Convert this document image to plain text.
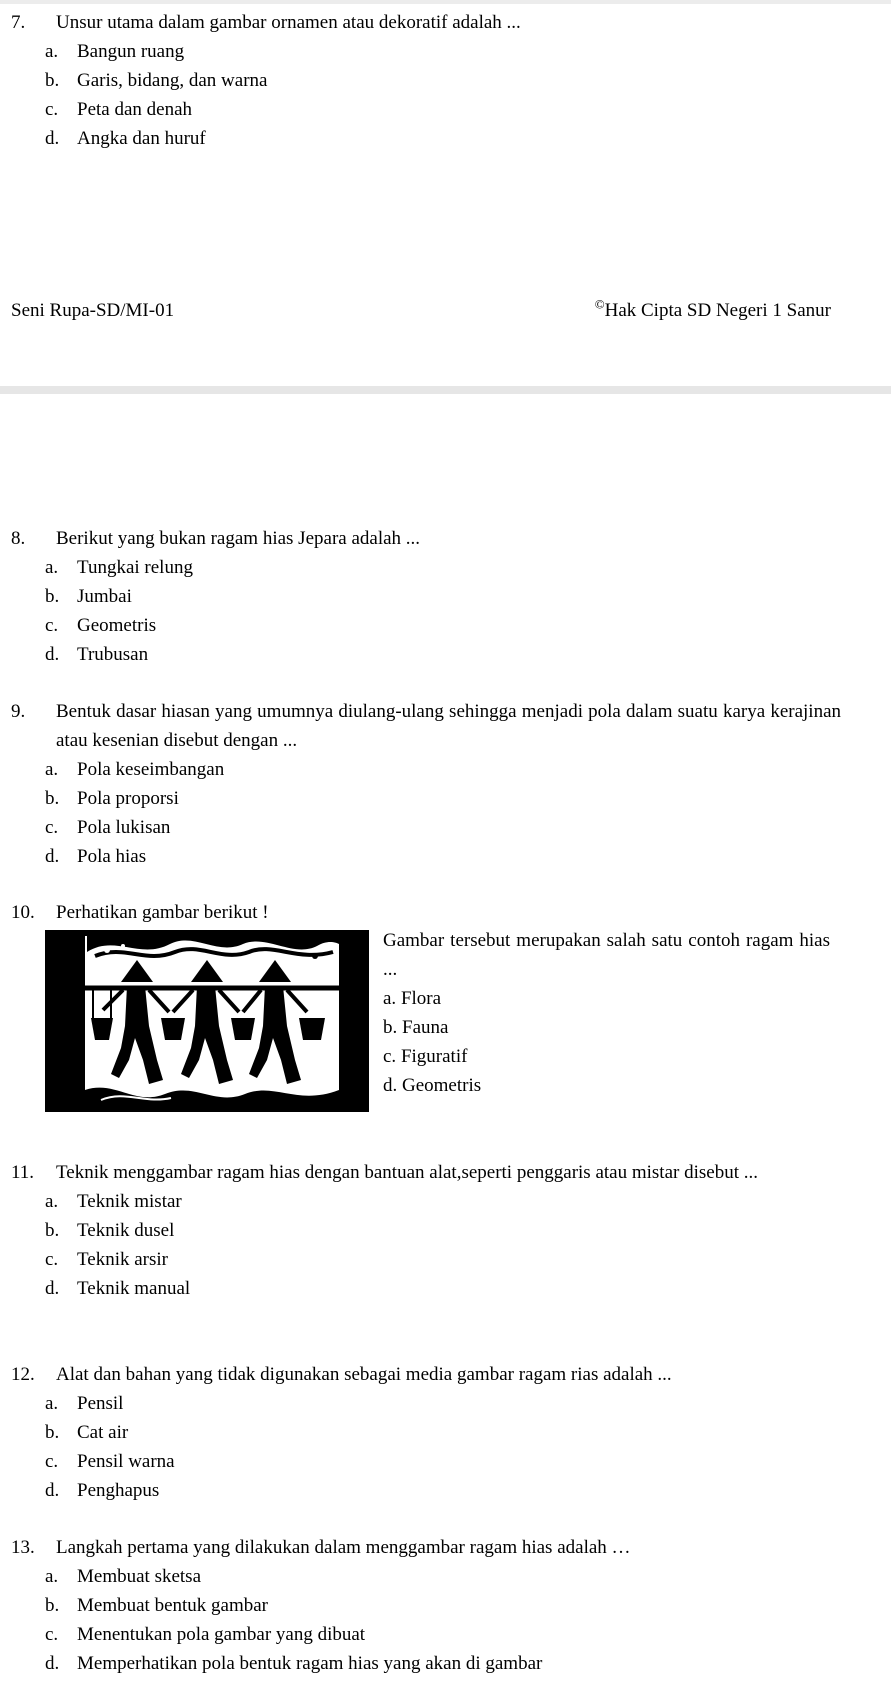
7. Unsur utama dalam gambar ornamen atau dekoratif adalah ...
a. Bangun ruang
b. Garis, bidang, dan warna
c. Peta dan denah
d. Angka dan huruf
Seni Rupa-SD/MI-01	©Hak Cipta SD Negeri 1 Sanur
8. Berikut yang bukan ragam hias Jepara adalah ...
a. Tungkai relung
b. Jumbai
c. Geometris
d. Trubusan
9. Bentuk dasar hiasan yang umumnya diulang-ulang sehingga menjadi pola dalam suatu karya kerajinan atau kesenian disebut dengan ...
a. Pola keseimbangan
b. Pola proporsi
c. Pola lukisan
d. Pola hias
10. Perhatikan gambar berikut !
Gambar tersebut merupakan salah satu contoh ragam hias ...
a. Flora
b. Fauna
c. Figuratif
d. Geometris
11. Teknik menggambar ragam hias dengan bantuan alat,seperti penggaris atau mistar disebut ...
a. Teknik mistar
b. Teknik dusel
c. Teknik arsir
d. Teknik manual
12. Alat dan bahan yang tidak digunakan sebagai media gambar ragam rias adalah ...
a. Pensil
b. Cat air
c. Pensil warna
d. Penghapus
13. Langkah pertama yang dilakukan dalam menggambar ragam hias adalah …
a. Membuat sketsa
b. Membuat bentuk gambar
c. Menentukan pola gambar yang dibuat
d. Memperhatikan pola bentuk ragam hias yang akan di gambar
